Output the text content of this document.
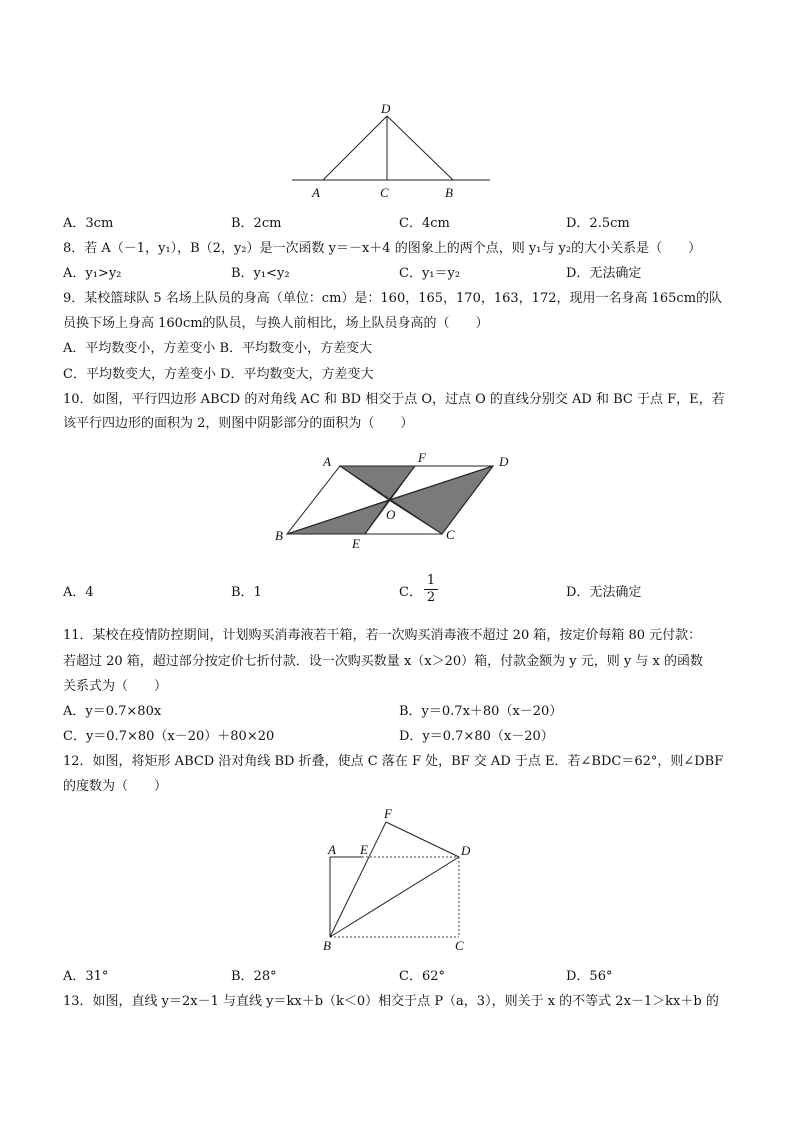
D
A	C	B
A．3cm	B．2cm	C．4cm	D．2.5cm
8．若 A（－1，y₁），B（2，y₂）是一次函数 y＝－x＋4 的图象上的两个点，则 y₁与 y₂的大小关系是（　　）
A．y₁>y₂	B．y₁<y₂	C．y₁＝y₂	D．无法确定
9．某校篮球队 5 名场上队员的身高（单位：cm）是：160，165，170，163，172，现用一名身高 165cm的队
员换下场上身高 160cm的队员，与换人前相比，场上队员身高的（　　）
A．平均数变小，方差变小 B．平均数变小，方差变大
C．平均数变大，方差变小 D．平均数变大，方差变大
10．如图，平行四边形 ABCD 的对角线 AC 和 BD 相交于点 O，过点 O 的直线分别交 AD 和 BC 于点 F，E，若
该平行四边形的面积为 2，则图中阴影部分的面积为（　　）
A	F	D
O
B
E
C
A．4	B．1	C．
1
2	D．无法确定
11．某校在疫情防控期间，计划购买消毒液若干箱，若一次购买消毒液不超过 20 箱，按定价每箱 80 元付款：
若超过 20 箱，超过部分按定价七折付款．设一次购买数量 x（x＞20）箱，付款金额为 y 元，则 y 与 x 的函数
关系式为（　　）
A．y＝0.7×80x	B．y＝0.7x＋80（x－20）
C．y＝0.7×80（x－20）＋80×20	D．y＝0.7×80（x－20）
12．如图，将矩形 ABCD 沿对角线 BD 折叠，使点 C 落在 F 处，BF 交 AD 于点 E．若∠BDC＝62°，则∠DBF
的度数为（　　）
F
A E	D
B	C
A．31°	B．28°	C．62°	D．56°
13．如图，直线 y＝2x－1 与直线 y＝kx＋b（k＜0）相交于点 P（a，3），则关于 x 的不等式 2x－1＞kx＋b 的
